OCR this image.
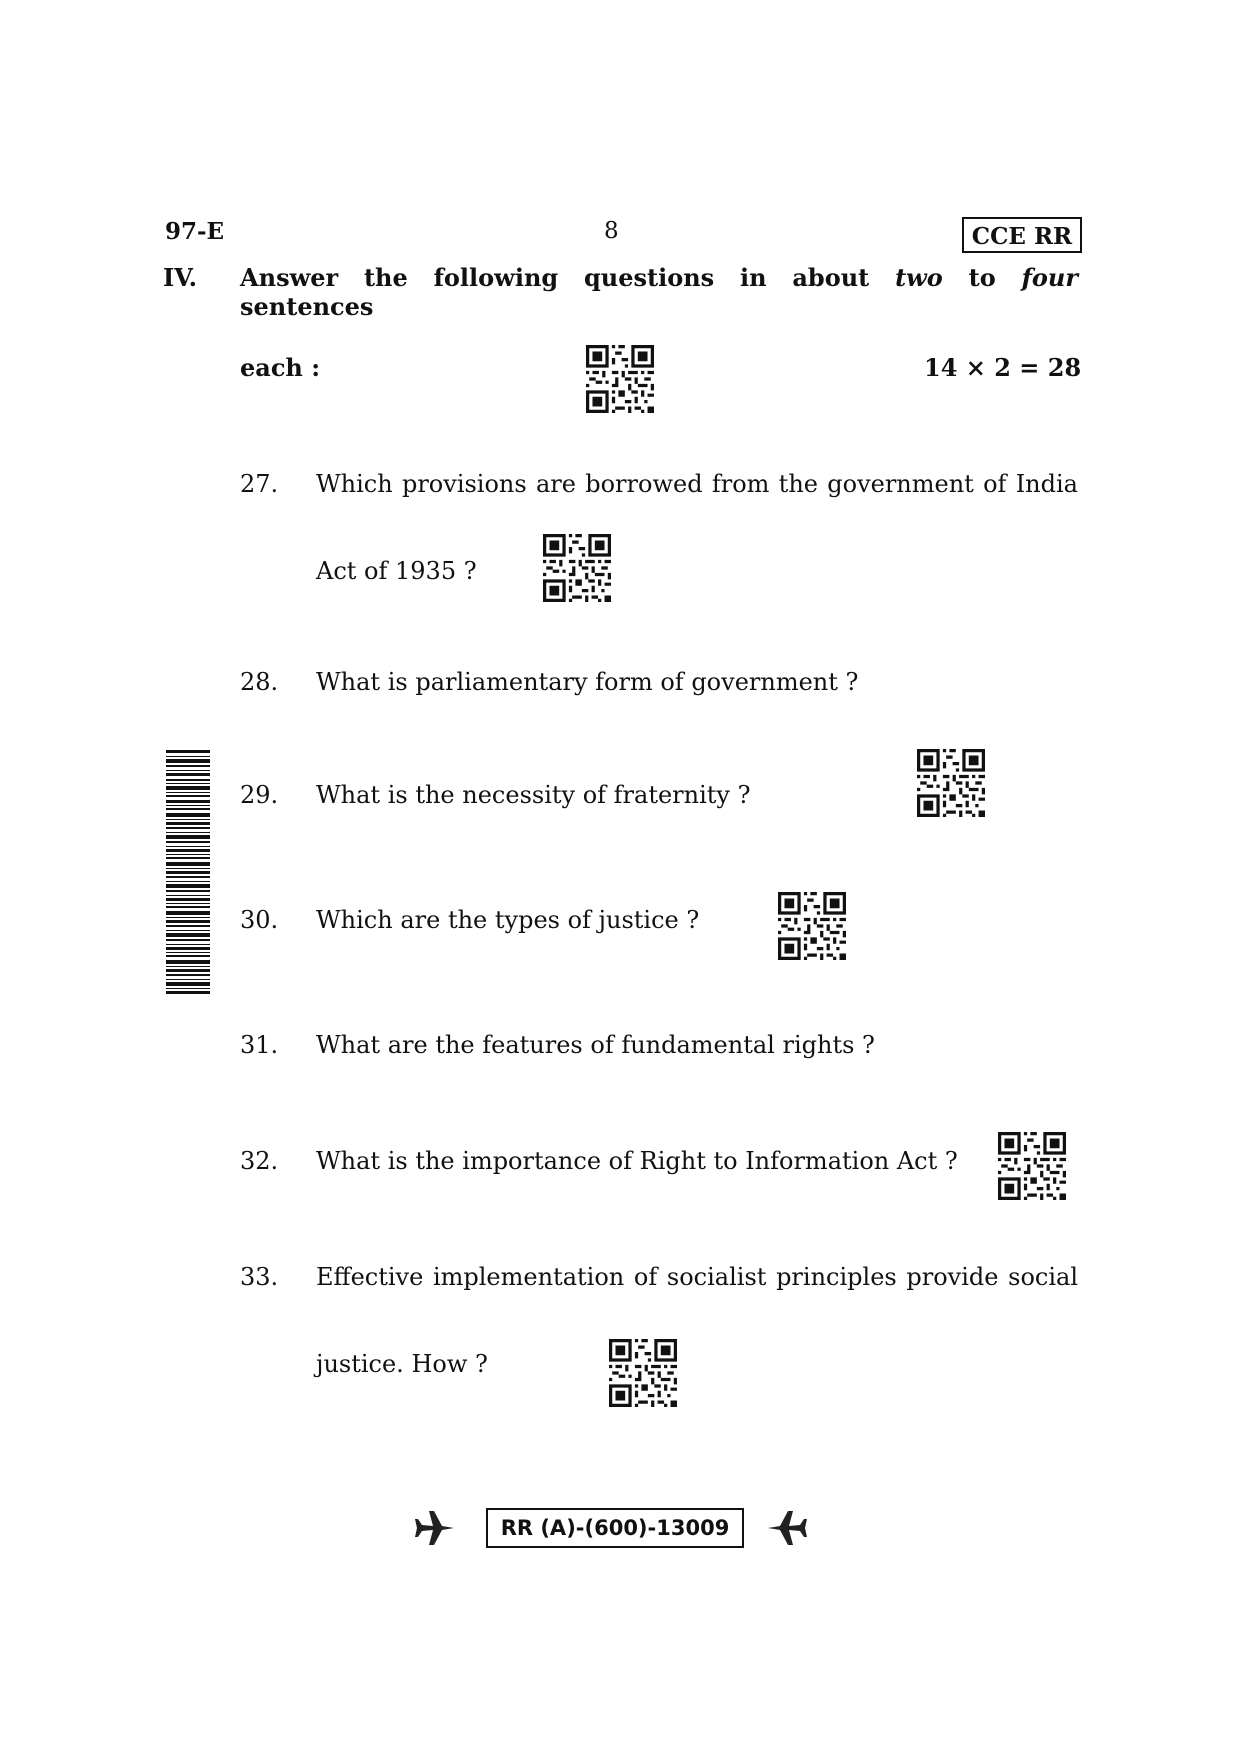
97-E	8	CCE RR
IV. Answer the following questions in about two to four sentences
each :	14 × 2 = 28
27. Which provisions are borrowed from the government of India
Act of 1935 ?
28. What is parliamentary form of government ?
29. What is the necessity of fraternity ?
30. Which are the types of justice ?
31. What are the features of fundamental rights ?
32. What is the importance of Right to Information Act ?
33. Effective implementation of socialist principles provide social
justice. How ?
RR (A)-(600)-13009
